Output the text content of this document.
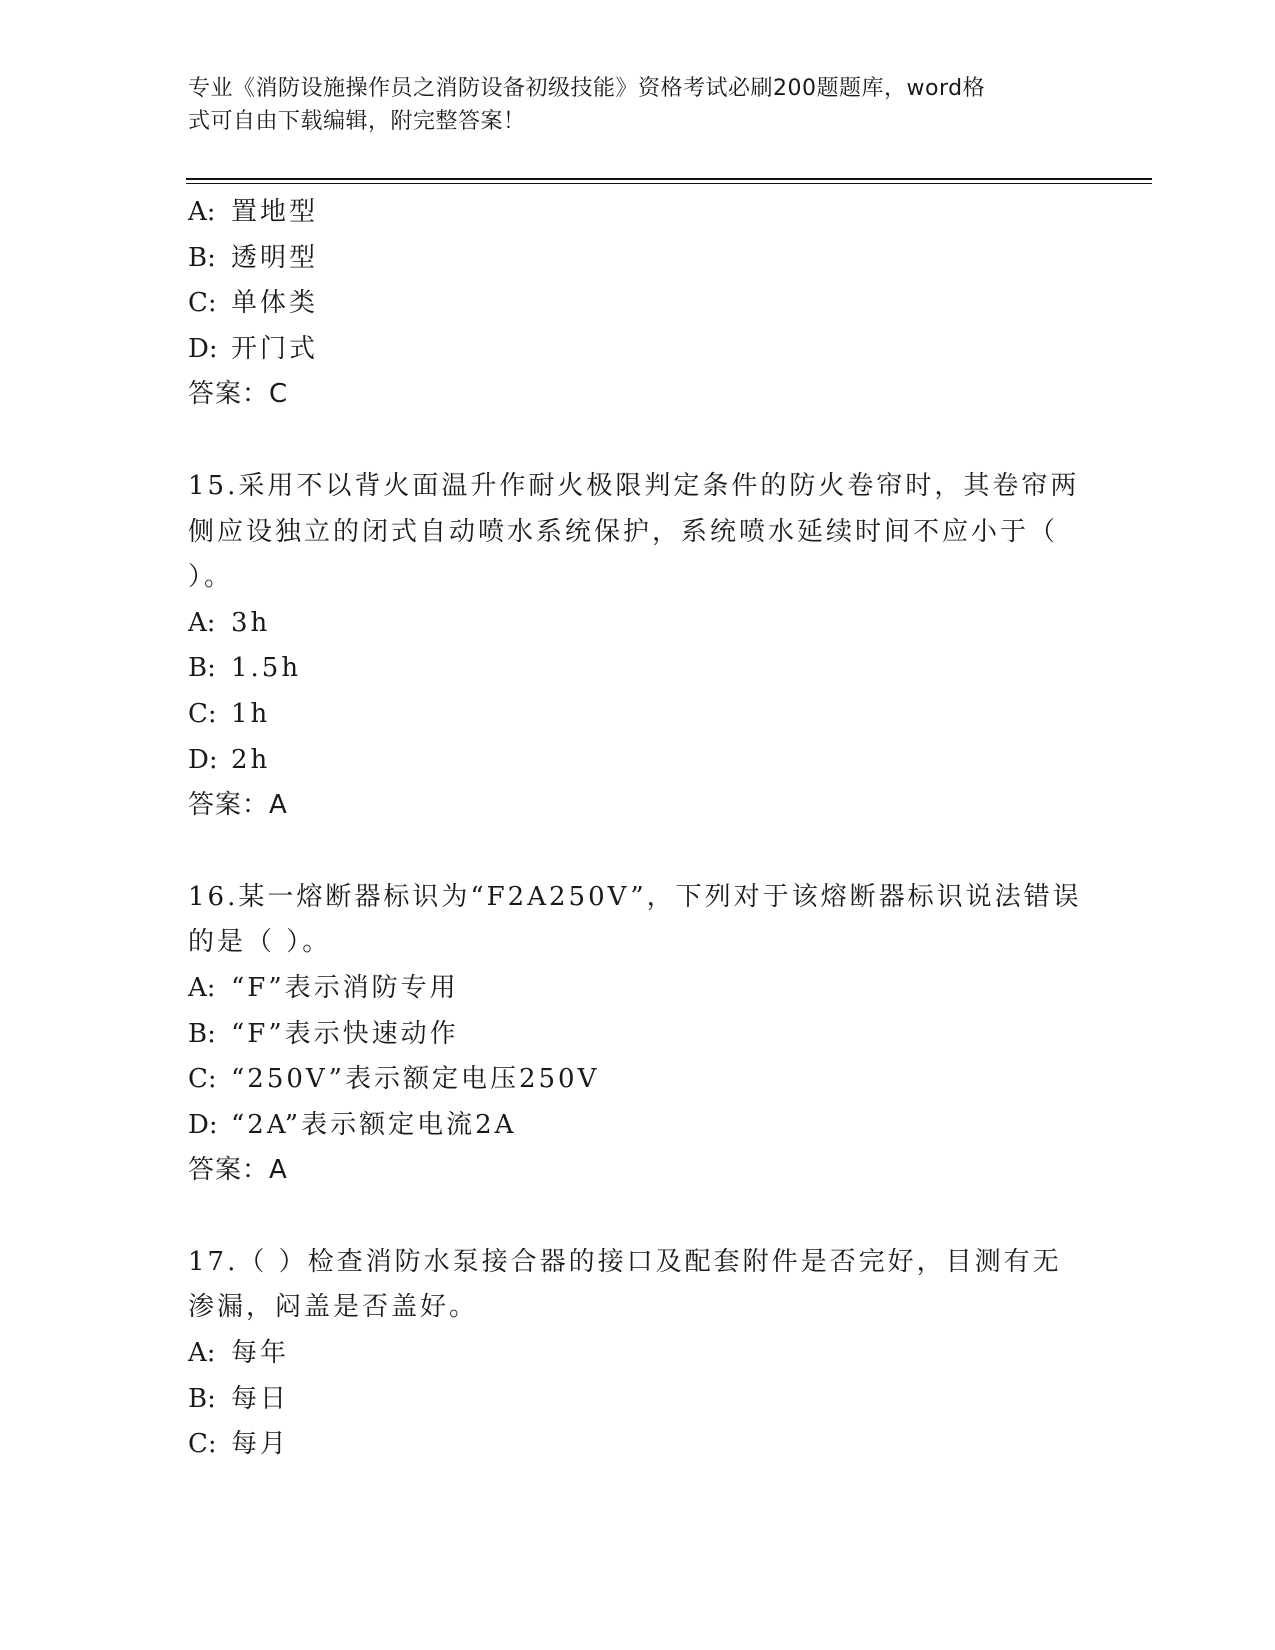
专业《消防设施操作员之消防设备初级技能》资格考试必刷200题题库，word格
式可自由下载编辑，附完整答案！
A: 置地型
B: 透明型
C: 单体类
D: 开门式
答案：C
15.采用不以背火面温升作耐火极限判定条件的防火卷帘时，其卷帘两
侧应设独立的闭式自动喷水系统保护，系统喷水延续时间不应小于（
）。
A: 3h
B: 1.5h
C: 1h
D: 2h
答案：A
16.某一熔断器标识为“F2A250V”，下列对于该熔断器标识说法错误
的是（ ）。
A: “F”表示消防专用
B: “F”表示快速动作
C: “250V”表示额定电压250V
D: “2A”表示额定电流2A
答案：A
17.（ ）检查消防水泵接合器的接口及配套附件是否完好，目测有无
渗漏，闷盖是否盖好。
A: 每年
B: 每日
C: 每月
